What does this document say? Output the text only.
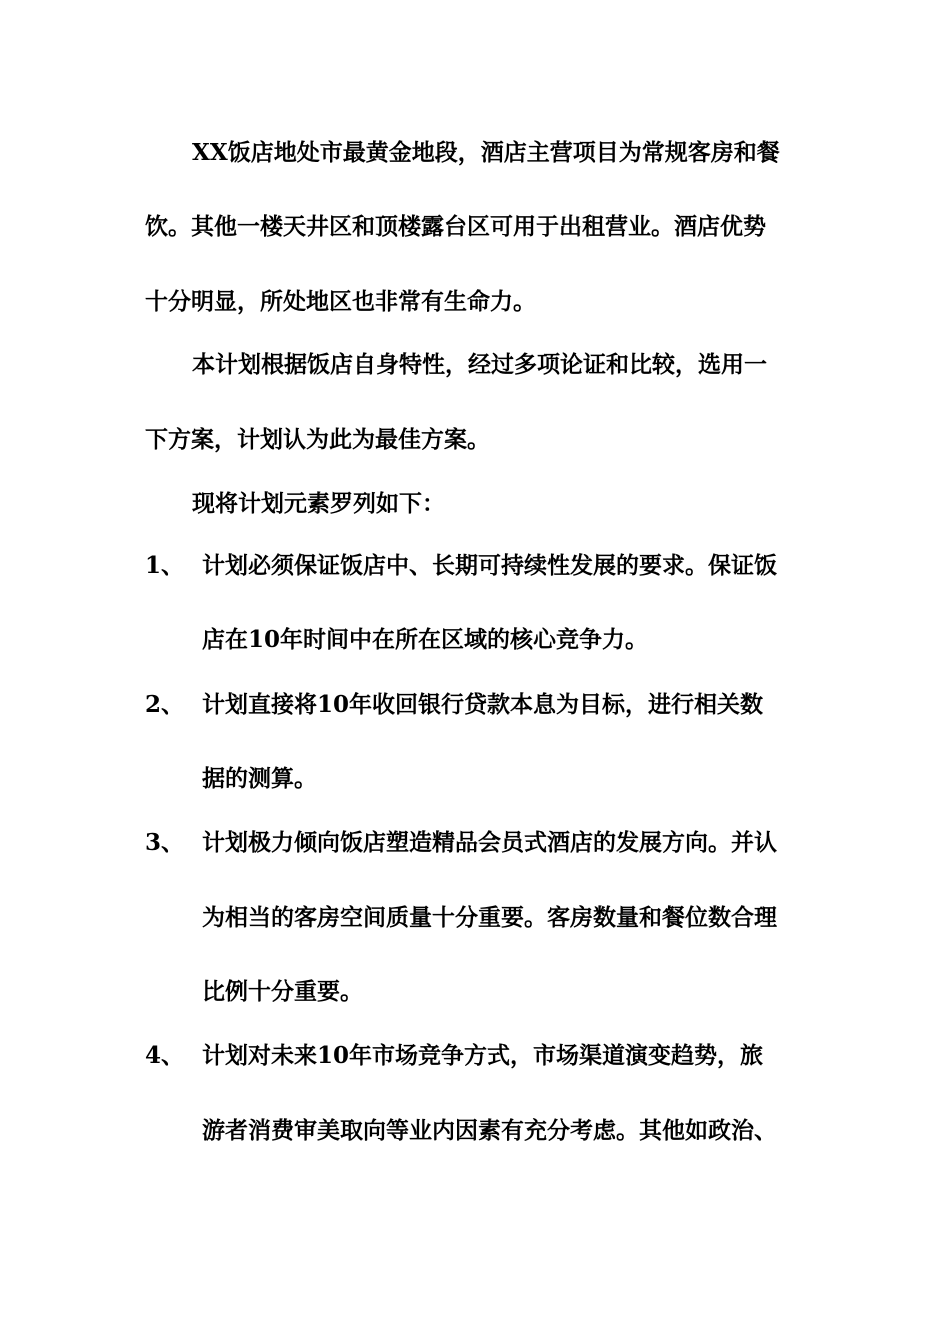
XX饭店地处市最黄金地段，酒店主营项目为常规客房和餐
饮。其他一楼天井区和顶楼露台区可用于出租营业。酒店优势
十分明显，所处地区也非常有生命力。
本计划根据饭店自身特性，经过多项论证和比较，选用一
下方案，计划认为此为最佳方案。
现将计划元素罗列如下：
1、 计划必须保证饭店中、长期可持续性发展的要求。保证饭
店在10年时间中在所在区域的核心竞争力。
2、 计划直接将10年收回银行贷款本息为目标，进行相关数
据的测算。
3、 计划极力倾向饭店塑造精品会员式酒店的发展方向。并认
为相当的客房空间质量十分重要。客房数量和餐位数合理
比例十分重要。
4、 计划对未来10年市场竞争方式，市场渠道演变趋势，旅
游者消费审美取向等业内因素有充分考虑。其他如政治、
